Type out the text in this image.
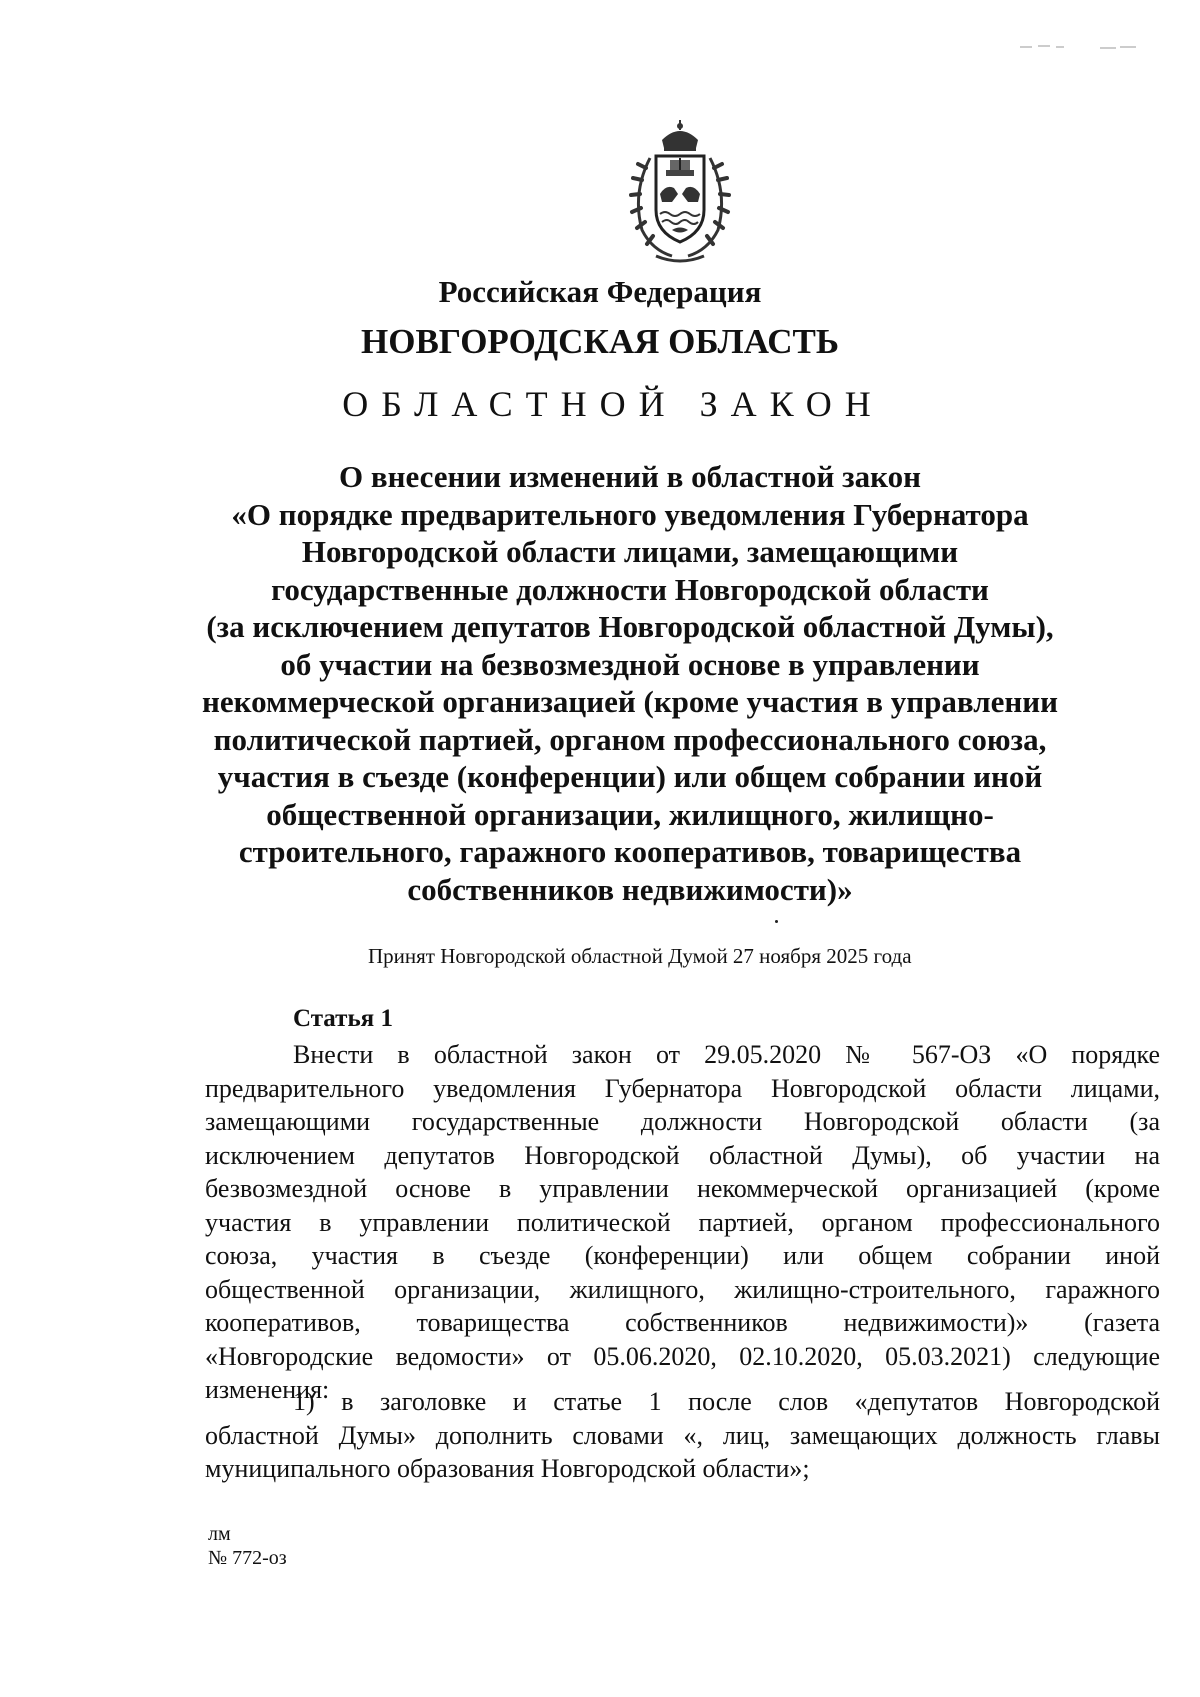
Российская Федерация
НОВГОРОДСКАЯ ОБЛАСТЬ
ОБЛАСТНОЙ ЗАКОН
О внесении изменений в областной закон
«О порядке предварительного уведомления Губернатора
Новгородской области лицами, замещающими
государственные должности Новгородской области
(за исключением депутатов Новгородской областной Думы),
об участии на безвозмездной основе в управлении
некоммерческой организацией (кроме участия в управлении
политической партией, органом профессионального союза,
участия в съезде (конференции) или общем собрании иной
общественной организации, жилищного, жилищно-
строительного, гаражного кооперативов, товарищества
собственников недвижимости)»
Принят Новгородской областной Думой 27 ноября 2025 года
Статья 1
Внести в областной закон от 29.05.2020 № 567-ОЗ «О порядке
предварительного уведомления Губернатора Новгородской области лицами,
замещающими государственные должности Новгородской области (за
исключением депутатов Новгородской областной Думы), об участии на
безвозмездной основе в управлении некоммерческой организацией (кроме
участия в управлении политической партией, органом профессионального
союза, участия в съезде (конференции) или общем собрании иной
общественной организации, жилищного, жилищно-строительного, гаражного
кооперативов, товарищества собственников недвижимости)» (газета
«Новгородские ведомости» от 05.06.2020, 02.10.2020, 05.03.2021) следующие
изменения:
1) в заголовке и статье 1 после слов «депутатов Новгородской
областной Думы» дополнить словами «, лиц, замещающих должность главы
муниципального образования Новгородской области»;
лм
№ 772-оз
